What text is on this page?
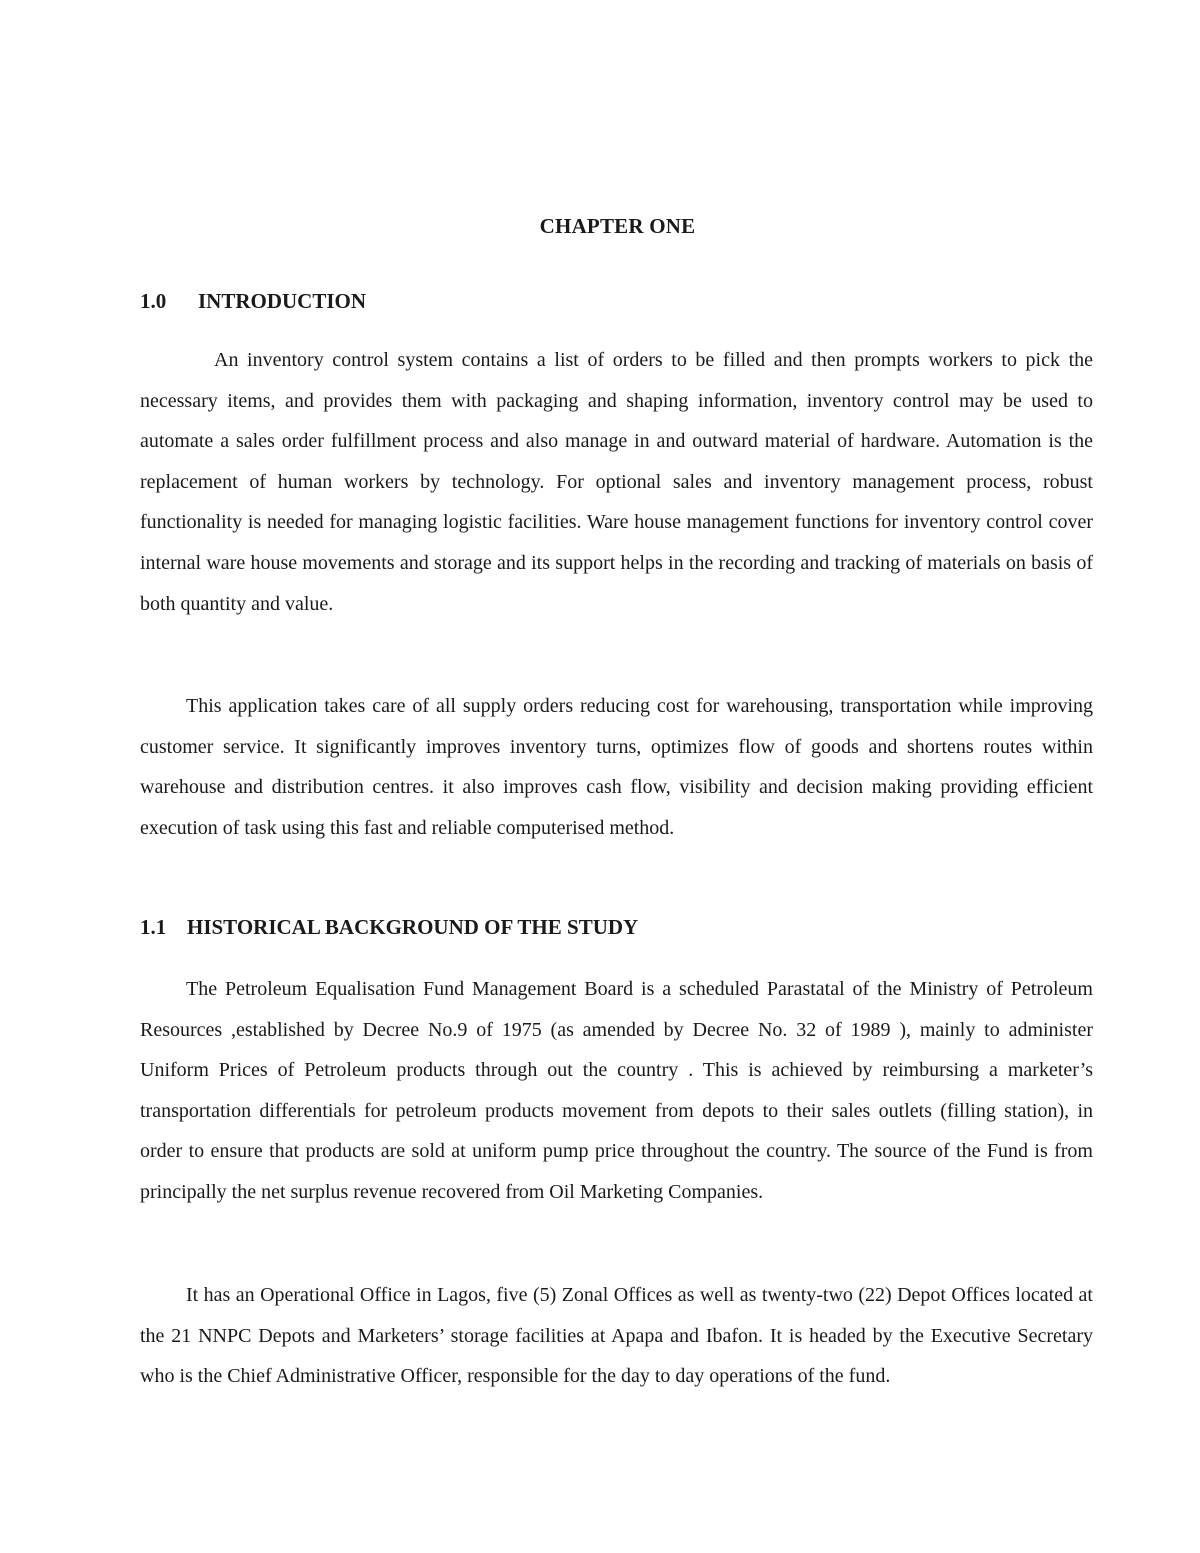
CHAPTER ONE
1.0 INTRODUCTION

An inventory control system contains a list of orders to be filled and then prompts workers to pick the necessary items, and provides them with packaging and shaping information, inventory control may be used to automate a sales order fulfillment process and also manage in and outward material of hardware. Automation is the replacement of human workers by technology. For optional sales and inventory management process, robust functionality is needed for managing logistic facilities. Ware house management functions for inventory control cover internal ware house movements and storage and its support helps in the recording and tracking of materials on basis of both quantity and value.

This application takes care of all supply orders reducing cost for warehousing, transportation while improving customer service. It significantly improves inventory turns, optimizes flow of goods and shortens routes within warehouse and distribution centres. it also improves cash flow, visibility and decision making providing efficient execution of task using this fast and reliable computerised method.

1.1 HISTORICAL BACKGROUND OF THE STUDY

The Petroleum Equalisation Fund Management Board is a scheduled Parastatal of the Ministry of Petroleum Resources ,established by Decree No.9 of 1975 (as amended by Decree No. 32 of 1989 ), mainly to administer Uniform Prices of Petroleum products through out the country . This is achieved by reimbursing a marketer’s transportation differentials for petroleum products movement from depots to their sales outlets (filling station), in order to ensure that products are sold at uniform pump price throughout the country. The source of the Fund is from principally the net surplus revenue recovered from Oil Marketing Companies.

It has an Operational Office in Lagos, five (5) Zonal Offices as well as twenty-two (22) Depot Offices located at the 21 NNPC Depots and Marketers’ storage facilities at Apapa and Ibafon. It is headed by the Executive Secretary who is the Chief Administrative Officer, responsible for the day to day operations of the fund.
